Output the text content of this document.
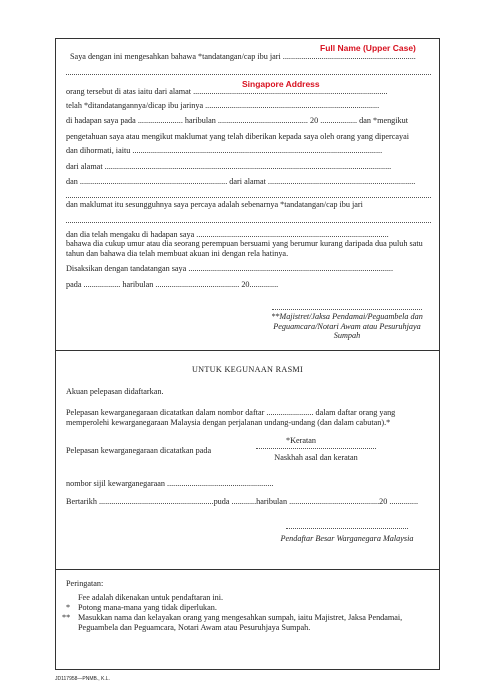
Saya dengan ini mengesahkan bahawa *tandatangan/cap ibu jari .................................................................
Full Name (Upper Case)
Singapore Address
orang tersebut di atas iaitu dari alamat ...............................................................................................
telah *ditandatangannya/dicap ibu jarinya .....................................................................................
di hadapan saya pada ...................... haribulan ............................................ 20 .................. dan *mengikut
pengetahuan saya atau mengikut maklumat yang telah diberikan kepada saya oleh orang yang dipercayai
dan dihormati, iaitu ..........................................................................................................................
dari alamat ............................................................................................................................................
dan ........................................................................ dari alamat ........................................................................
dan maklumat itu sesungguhnya saya percaya adalah sebenarnya *tandatangan/cap ibu jari
dan dia telah mengaku di hadapan saya ..............................................................................................
bahawa dia cukup umur atau dia seorang perempuan bersuami yang berumur kurang daripada dua puluh satu tahun dan bahawa dia telah membuat akuan ini dengan rela hatinya.
Disaksikan dengan tandatangan saya ....................................................................................................
pada .................. haribulan ......................................... 20..............
**Majistret/Jaksa Pendamai/Peguambela dan Peguamcara/Notari Awam atau Pesuruhjaya Sumpah
UNTUK KEGUNAAN RASMI
Akuan pelepasan didaftarkan.
Pelepasan kewarganegaraan dicatatkan dalam nombor daftar ....................... dalam daftar orang yang memperolehi kewarganegaraan Malaysia dengan perjalanan undang-undang (dan dalam cabutan).*
*Keratan
Pelepasan kewarganegaraan dicatatkan pada
Naskhah asal dan keratan
nombor sijil kewarganegaraan ....................................................
Bertarikh ........................................................puda ............haribulan ............................................20 ..............
Pendaftar Besar Warganegara Malaysia
Peringatan:
Fee adalah dikenakan untuk pendaftaran ini.
* Potong mana-mana yang tidak diperlukan.
** Masukkan nama dan kelayakan orang yang mengesahkan sumpah, iaitu Majistret, Jaksa Pendamai, Peguambela dan Peguamcara, Notari Awam atau Pesuruhjaya Sumpah.
JD117958—PNMB., K.L.
